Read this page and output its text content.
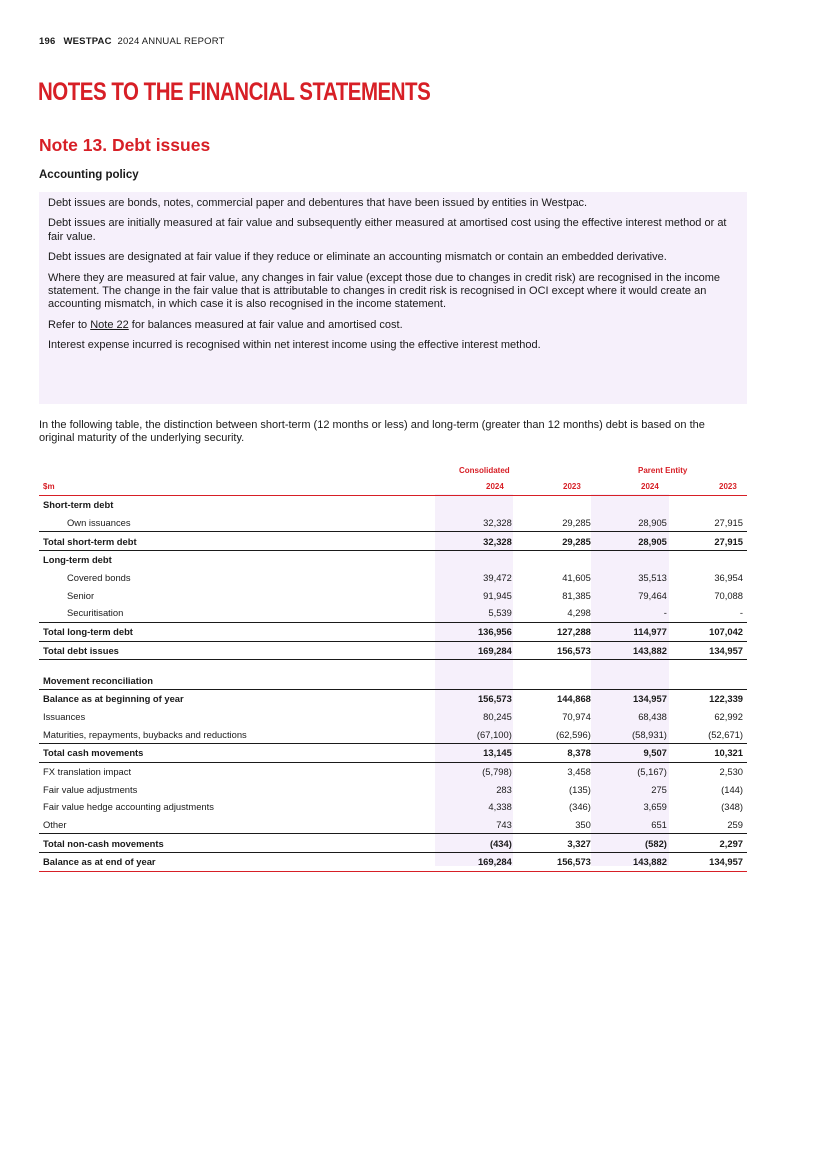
196 WESTPAC 2024 ANNUAL REPORT
NOTES TO THE FINANCIAL STATEMENTS
Note 13. Debt issues
Accounting policy

Debt issues are bonds, notes, commercial paper and debentures that have been issued by entities in Westpac.

Debt issues are initially measured at fair value and subsequently either measured at amortised cost using the effective interest method or at fair value.

Debt issues are designated at fair value if they reduce or eliminate an accounting mismatch or contain an embedded derivative.

Where they are measured at fair value, any changes in fair value (except those due to changes in credit risk) are recognised in the income statement. The change in the fair value that is attributable to changes in credit risk is recognised in OCI except where it would create an accounting mismatch, in which case it is also recognised in the income statement.

Refer to Note 22 for balances measured at fair value and amortised cost.

Interest expense incurred is recognised within net interest income using the effective interest method.

In the following table, the distinction between short-term (12 months or less) and long-term (greater than 12 months) debt is based on the original maturity of the underlying security.

Consolidated	Parent Entity
$m	2024	2023	2024	2023
Short-term debt				
Own issuances	32,328	29,285	28,905	27,915
Total short-term debt	32,328	29,285	28,905	27,915
Long-term debt				
Covered bonds	39,472	41,605	35,513	36,954
Senior	91,945	81,385	79,464	70,088
Securitisation	5,539	4,298	-	-
Total long-term debt	136,956	127,288	114,977	107,042
Total debt issues	169,284	156,573	143,882	134,957

Movement reconciliation				
Balance as at beginning of year	156,573	144,868	134,957	122,339
Issuances	80,245	70,974	68,438	62,992
Maturities, repayments, buybacks and reductions	(67,100)	(62,596)	(58,931)	(52,671)
Total cash movements	13,145	8,378	9,507	10,321
FX translation impact	(5,798)	3,458	(5,167)	2,530
Fair value adjustments	283	(135)	275	(144)
Fair value hedge accounting adjustments	4,338	(346)	3,659	(348)
Other	743	350	651	259
Total non-cash movements	(434)	3,327	(582)	2,297
Balance as at end of year	169,284	156,573	143,882	134,957
